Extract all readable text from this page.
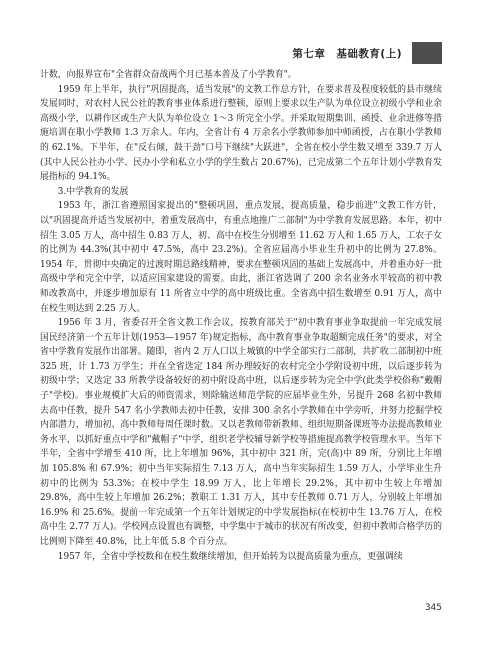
第七章　基础教育(上)

计数，向报界宣布"全省群众奋战两个月已基本普及了小学教育"。

1959 年上半年，执行"巩固提高，适当发展"的文教工作总方针，在要求普及程度较低的县市继续发展同时，对农村人民公社的教育事业体系进行整顿，原则上要求以生产队为单位设立初级小学和业余高级小学，以耕作区或生产大队为单位设立 1～3 所完全小学。并采取短期集训、函授、业余进修等措施培训在职小学教师 1.3 万余人。年内，全省计有 4 万余名小学教师参加中师函授，占在职小学教师的 62.1%。下半年，在"反右倾，鼓干劲"口号下继续"大跃进"，全省在校小学生数又增至 339.7 万人(其中人民公社办小学、民办小学和私立小学的学生数占 20.67%)，已完成第二个五年计划小学教育发展指标的 94.1%。

3.中学教育的发展

1953 年，浙江省遵照国家提出的"整顿巩固，重点发展，提高质量，稳步前进"文教工作方针，以"巩固提高并适当发展初中，着重发展高中，有重点地推广二部制"为中学教育发展思路。本年，初中招生 3.05 万人，高中招生 0.83 万人，初、高中在校生分别增至 11.62 万人和 1.65 万人，工农子女的比例为 44.3%(其中初中 47.5%，高中 23.2%)。全省应届高小毕业生升初中的比例为 27.8%。1954 年，贯彻中央确定的过渡时期总路线精神，要求在整顿巩固的基础上发展高中，并着重办好一批高级中学和完全中学，以适应国家建设的需要。由此，浙江省选调了 200 余名业务水平较高的初中教师改教高中，并逐步增加原有 11 所省立中学的高中班级比重。全省高中招生数增至 0.91 万人，高中在校生则达到 2.25 万人。

1956 年 3 月，省委召开全省文教工作会议，按教育部关于"初中教育事业争取提前一年完成发展国民经济第一个五年计划(1953—1957 年)规定指标，高中教育事业争取超额完成任务"的要求，对全省中学教育发展作出部署。随即，省内 2 万人口以上城镇的中学全部实行二部制，共扩收二部制初中班 325 班，计 1.73 万学生；并在全省选定 184 所办理较好的农村完全小学附设初中班，以后逐步转为初级中学；又选定 33 所教学设备较好的初中附设高中班，以后逐步转为完全中学(此类学校俗称"戴帽子"学校)。事业规模扩大后的师资需求，则除输送师范学院的应届毕业生外，另提升 268 名初中教师去高中任教，提升 547 名小学教师去初中任教，安排 300 余名小学教师在中学旁听，并努力挖掘学校内部潜力，增加初、高中教师每周任课时数。又以老教师带新教师、组织短期备课班等办法提高教师业务水平，以抓好重点中学和"戴帽子"中学，组织老学校辅导新学校等措施提高教学校管理水平。当年下半年，全省中学增至 410 所，比上年增加 96%，其中初中 321 所，完(高)中 89 所，分别比上年增加 105.8% 和 67.9%；初中当年实际招生 7.13 万人，高中当年实际招生 1.59 万人，小学毕业生升初中的比例为 53.3%；在校中学生 18.99 万人，比上年增长 29.2%，其中初中生较上年增加 29.8%，高中生较上年增加 26.2%；教职工 1.31 万人，其中专任教师 0.71 万人，分别较上年增加 16.9% 和 25.6%。提前一年完成第一个五年计划规定的中学发展指标(在校初中生 13.76 万人，在校高中生 2.77 万人)。学校网点设置也有调整，中学集中于城市的状况有所改变，但初中教师合格学历的比例则下降至 40.8%，比上年低 5.8 个百分点。

1957 年，全省中学校数和在校生数继续增加，但开始转为以提高质量为重点，更强调续

345
